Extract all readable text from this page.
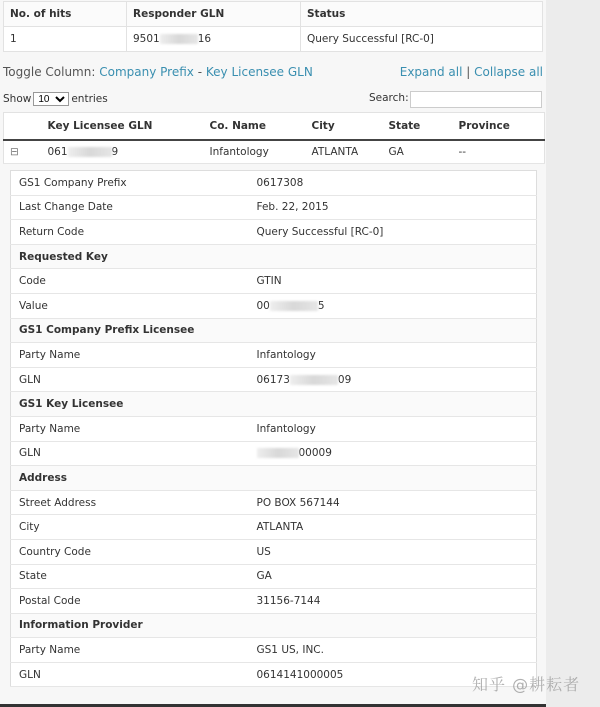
No. of hits	Responder GLN	Status
1	9501 16	Query Successful [RC-0]
Toggle Column: Company Prefix - Key Licensee GLN	Expand all | Collapse all
Show
10	entries	Search:
	Key Licensee GLN	Co. Name	City	State	Province
⊟	061 9	Infantology	ATLANTA	GA	--
GS1 Company Prefix	0617308
Last Change Date	Feb. 22, 2015
Return Code	Query Successful [RC-0]
Requested Key	
Code	GTIN
Value	00 5
GS1 Company Prefix Licensee	
Party Name	Infantology
GLN	06173 09
GS1 Key Licensee	
Party Name	Infantology
GLN	00009
Address	
Street Address	PO BOX 567144
City	ATLANTA
Country Code	US
State	GA
Postal Code	31156-7144
Information Provider	
Party Name	GS1 US, INC.
GLN	0614141000005
知乎 @耕耘者
